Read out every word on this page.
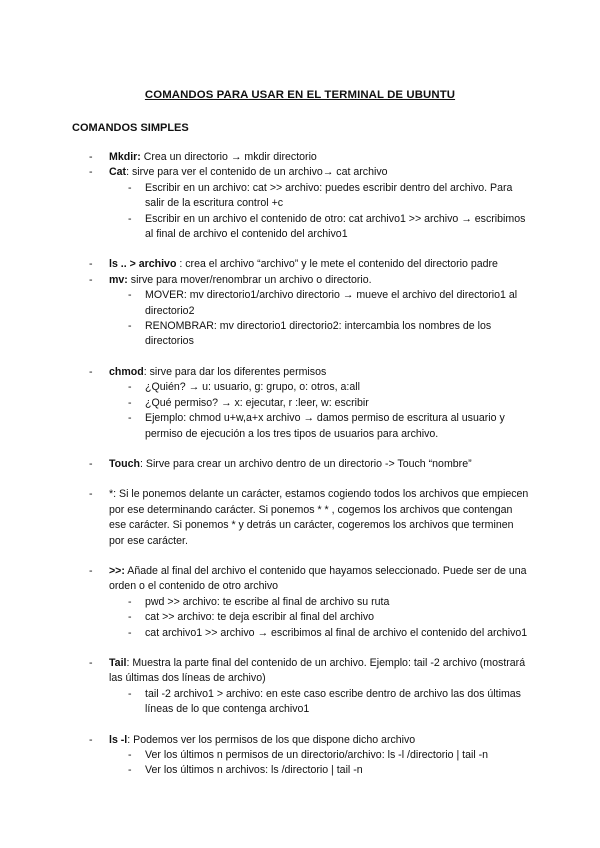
COMANDOS PARA USAR EN EL TERMINAL DE UBUNTU
COMANDOS SIMPLES
- Mkdir: Crea un directorio → mkdir directorio
- Cat: sirve para ver el contenido de un archivo→ cat archivo
- Escribir en un archivo: cat >> archivo: puedes escribir dentro del archivo. Para salir de la escritura control +c
- Escribir en un archivo el contenido de otro: cat archivo1 >> archivo → escribimos al final de archivo el contenido del archivo1
- ls .. > archivo : crea el archivo “archivo” y le mete el contenido del directorio padre
- mv: sirve para mover/renombrar un archivo o directorio.
- MOVER: mv directorio1/archivo directorio → mueve el archivo del directorio1 al directorio2
- RENOMBRAR: mv directorio1 directorio2: intercambia los nombres de los directorios
- chmod: sirve para dar los diferentes permisos
- ¿Quién? → u: usuario, g: grupo, o: otros, a:all
- ¿Qué permiso? → x: ejecutar, r :leer, w: escribir
- Ejemplo: chmod u+w,a+x archivo → damos permiso de escritura al usuario y permiso de ejecución a los tres tipos de usuarios para archivo.
- Touch: Sirve para crear un archivo dentro de un directorio -> Touch “nombre”
- *: Si le ponemos delante un carácter, estamos cogiendo todos los archivos que empiecen por ese determinando carácter. Si ponemos * * , cogemos los archivos que contengan ese carácter. Si ponemos * y detrás un carácter, cogeremos los archivos que terminen por ese carácter.
- >>: Añade al final del archivo el contenido que hayamos seleccionado. Puede ser de una orden o el contenido de otro archivo
- pwd >> archivo: te escribe al final de archivo su ruta
- cat >> archivo: te deja escribir al final del archivo
- cat archivo1 >> archivo → escribimos al final de archivo el contenido del archivo1
- Tail: Muestra la parte final del contenido de un archivo. Ejemplo: tail -2 archivo (mostrará las últimas dos líneas de archivo)
- tail -2 archivo1 > archivo: en este caso escribe dentro de archivo las dos últimas líneas de lo que contenga archivo1
- ls -l: Podemos ver los permisos de los que dispone dicho archivo
- Ver los últimos n permisos de un directorio/archivo: ls -l /directorio | tail -n
- Ver los últimos n archivos: ls /directorio | tail -n
